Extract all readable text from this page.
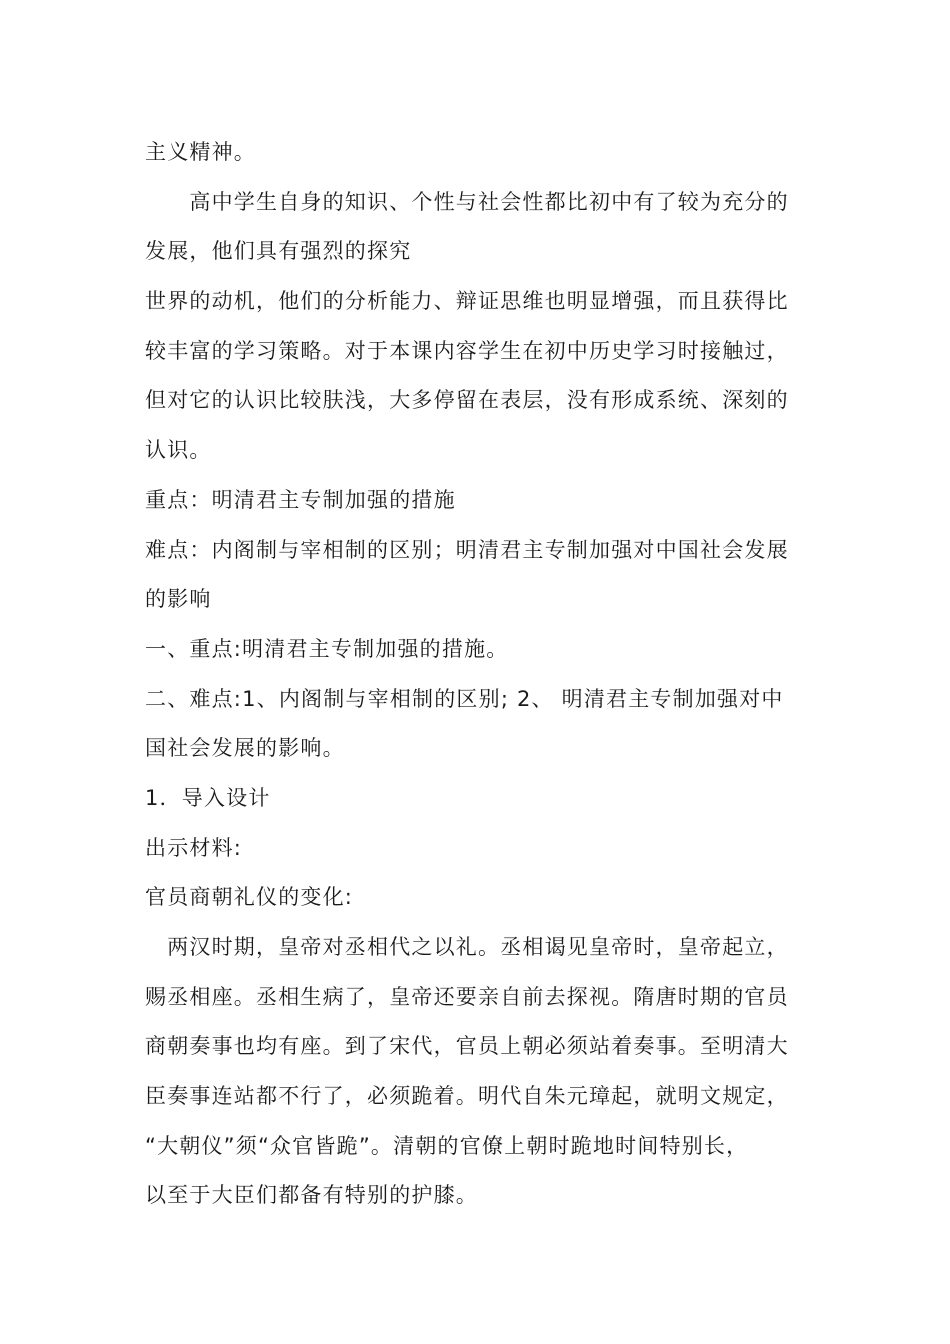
主义精神。
　　高中学生自身的知识、个性与社会性都比初中有了较为充分的
发展，他们具有强烈的探究
世界的动机，他们的分析能力、辩证思维也明显增强，而且获得比
较丰富的学习策略。对于本课内容学生在初中历史学习时接触过，
但对它的认识比较肤浅，大多停留在表层，没有形成系统、深刻的
认识。
重点：明清君主专制加强的措施
难点：内阁制与宰相制的区别；明清君主专制加强对中国社会发展
的影响
一、重点:明清君主专制加强的措施。
二、难点:1、内阁制与宰相制的区别; 2、 明清君主专制加强对中
国社会发展的影响。
1．导入设计
出示材料:
官员商朝礼仪的变化:
　两汉时期，皇帝对丞相代之以礼。丞相谒见皇帝时，皇帝起立，
赐丞相座。丞相生病了，皇帝还要亲自前去探视。隋唐时期的官员
商朝奏事也均有座。到了宋代，官员上朝必须站着奏事。至明清大
臣奏事连站都不行了，必须跪着。明代自朱元璋起，就明文规定，
“大朝仪”须“众官皆跪”。清朝的官僚上朝时跪地时间特别长，
以至于大臣们都备有特别的护膝。
